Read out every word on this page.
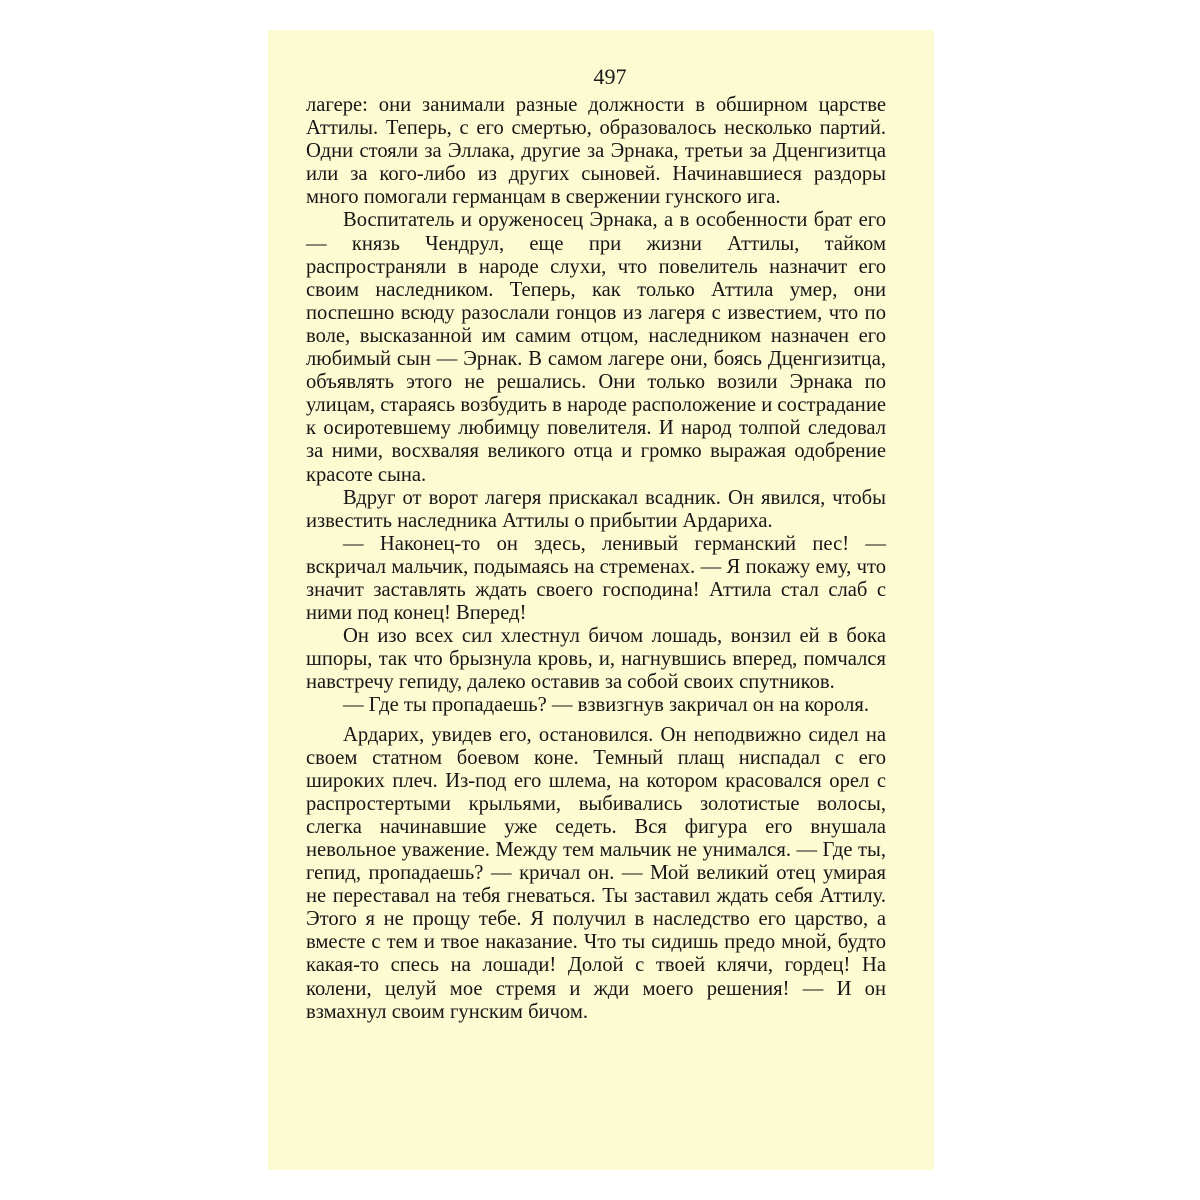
497

лагере: они занимали разные должности в обширном царстве Аттилы. Теперь, с его смертью, образовалось несколько партий. Одни стояли за Эллака, другие за Эрнака, третьи за Дценгизитца или за кого-либо из других сыновей. Начинавшиеся раздоры много помогали германцам в свержении гунского ига.

Воспитатель и оруженосец Эрнака, а в особенности брат его — князь Чендрул, еще при жизни Аттилы, тайком распространяли в народе слухи, что повелитель назначит его своим наследником. Теперь, как только Аттила умер, они поспешно всюду разослали гонцов из лагеря с известием, что по воле, высказанной им самим отцом, наследником назначен его любимый сын — Эрнак. В самом лагере они, боясь Дценгизитца, объявлять этого не решались. Они только возили Эрнака по улицам, стараясь возбудить в народе расположение и сострадание к осиротевшему любимцу повелителя. И народ толпой следовал за ними, восхваляя великого отца и громко выражая одобрение красоте сына.

Вдруг от ворот лагеря прискакал всадник. Он явился, чтобы известить наследника Аттилы о прибытии Ардариха.

— Наконец-то он здесь, ленивый германский пес! — вскричал мальчик, подымаясь на стременах. — Я покажу ему, что значит заставлять ждать своего господина! Аттила стал слаб с ними под конец! Вперед!

Он изо всех сил хлестнул бичом лошадь, вонзил ей в бока шпоры, так что брызнула кровь, и, нагнувшись вперед, помчался навстречу гепиду, далеко оставив за собой своих спутников.

— Где ты пропадаешь? — взвизгнув закричал он на короля.

Ардарих, увидев его, остановился. Он неподвижно сидел на своем статном боевом коне. Темный плащ ниспадал с его широких плеч. Из-под его шлема, на котором красовался орел с распростертыми крыльями, выбивались золотистые волосы, слегка начинавшие уже седеть. Вся фигура его внушала невольное уважение. Между тем мальчик не унимался. — Где ты, гепид, пропадаешь? — кричал он. — Мой великий отец умирая не переставал на тебя гневаться. Ты заставил ждать себя Аттилу. Этого я не прощу тебе. Я получил в наследство его царство, а вместе с тем и твое наказание. Что ты сидишь предо мной, будто какая-то спесь на лошади! Долой с твоей клячи, гордец! На колени, целуй мое стремя и жди моего решения! — И он взмахнул своим гунским бичом.
